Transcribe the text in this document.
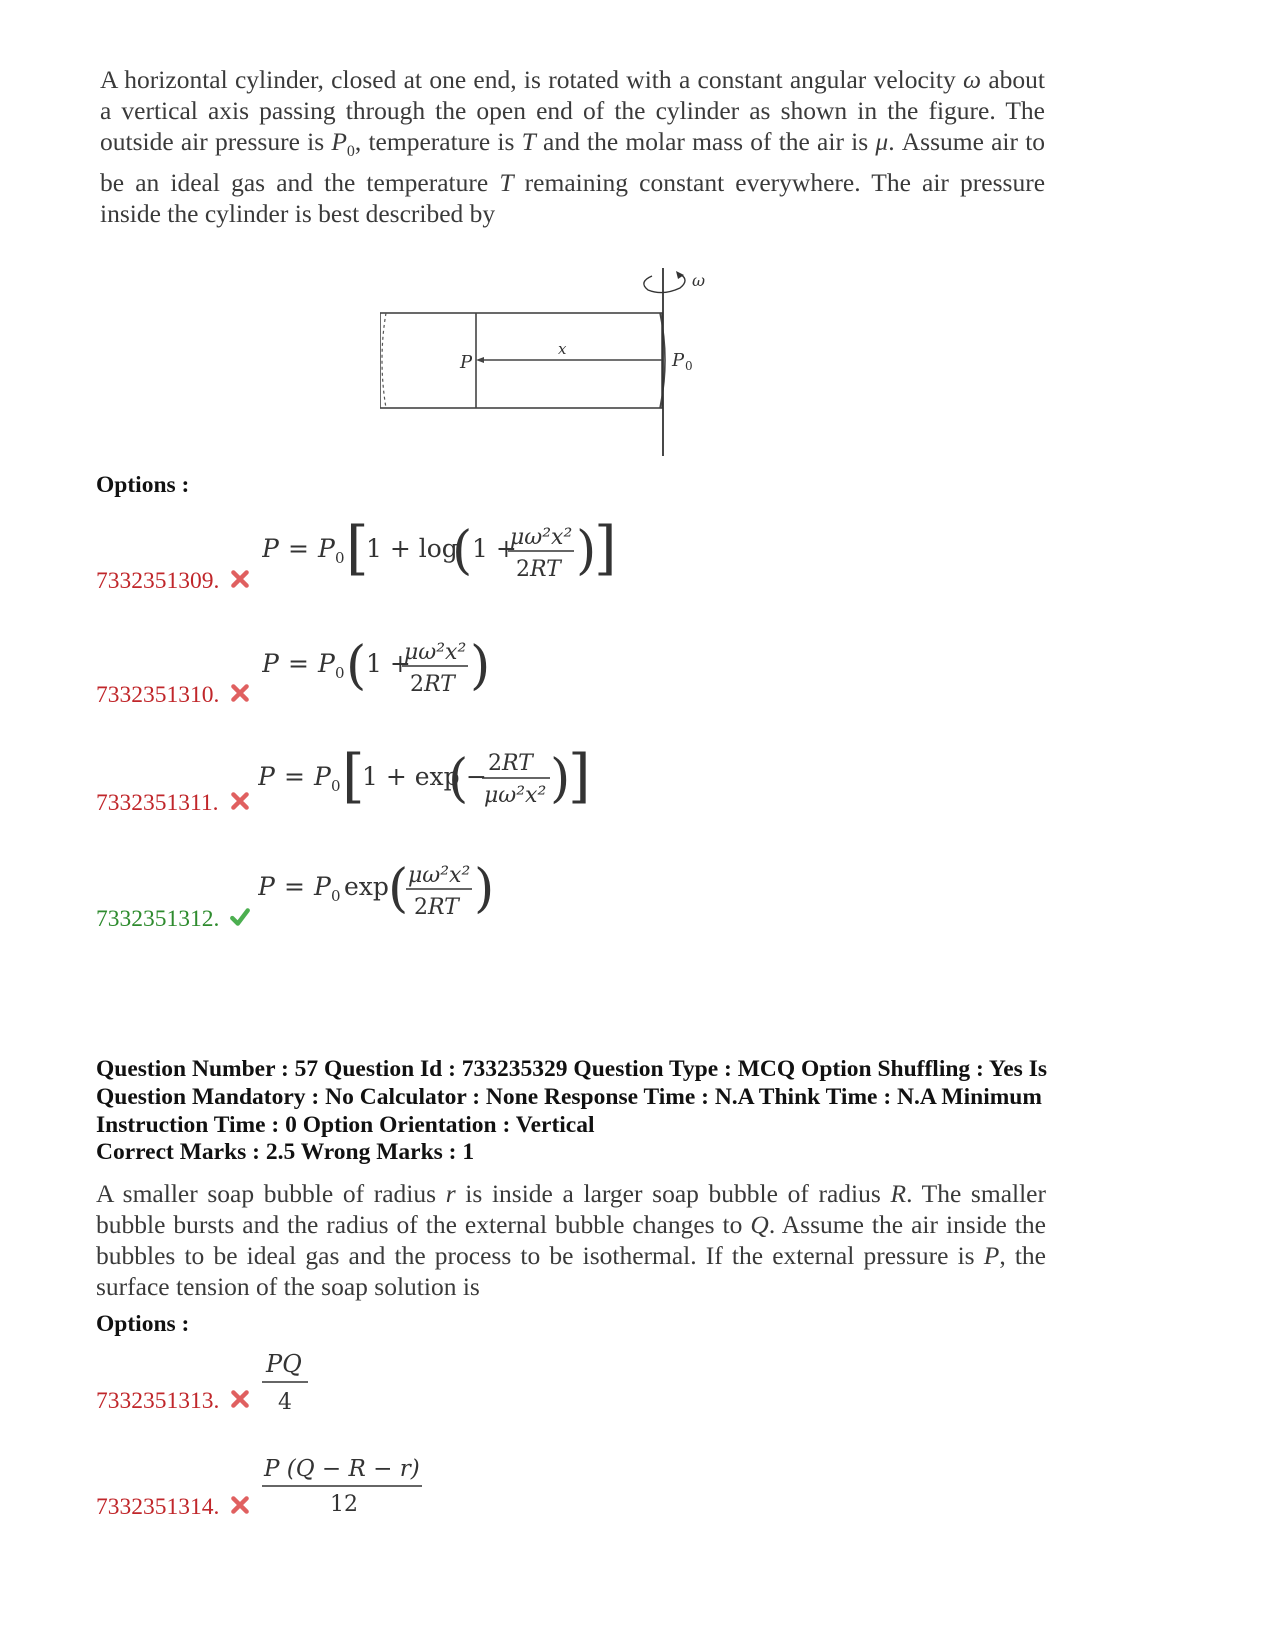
A horizontal cylinder, closed at one end, is rotated with a constant angular velocity ω about a vertical axis passing through the open end of the cylinder as shown in the figure. The outside air pressure is $P_0$, temperature is T and the molar mass of the air is μ. Assume air to be an ideal gas and the temperature T remaining constant everywhere. The air pressure inside the cylinder is best described by
P
x
P 0
ω
Options :
P = P 0 [
1 + log
( 1 +
μω²x²
2RT )
]
7332351309.
P = P 0 ( 1 +
μω²x²
2RT )
7332351310.
P = P 0 [
1 + exp
(
− 2RT
μω²x² )
]
7332351311.
P = P 0 exp ( μω²x²
2RT )
7332351312.
Question Number : 57 Question Id : 733235329 Question Type : MCQ Option Shuffling : Yes Is
Question Mandatory : No Calculator : None Response Time : N.A Think Time : N.A Minimum
Instruction Time : 0 Option Orientation : Vertical
Correct Marks : 2.5 Wrong Marks : 1
A smaller soap bubble of radius r is inside a larger soap bubble of radius R. The smaller bubble bursts and the radius of the external bubble changes to Q. Assume the air inside the bubbles to be ideal gas and the process to be isothermal. If the external pressure is P, the surface tension of the soap solution is
Options :
PQ
4
7332351313.
P (Q − R − r)
12
7332351314.
